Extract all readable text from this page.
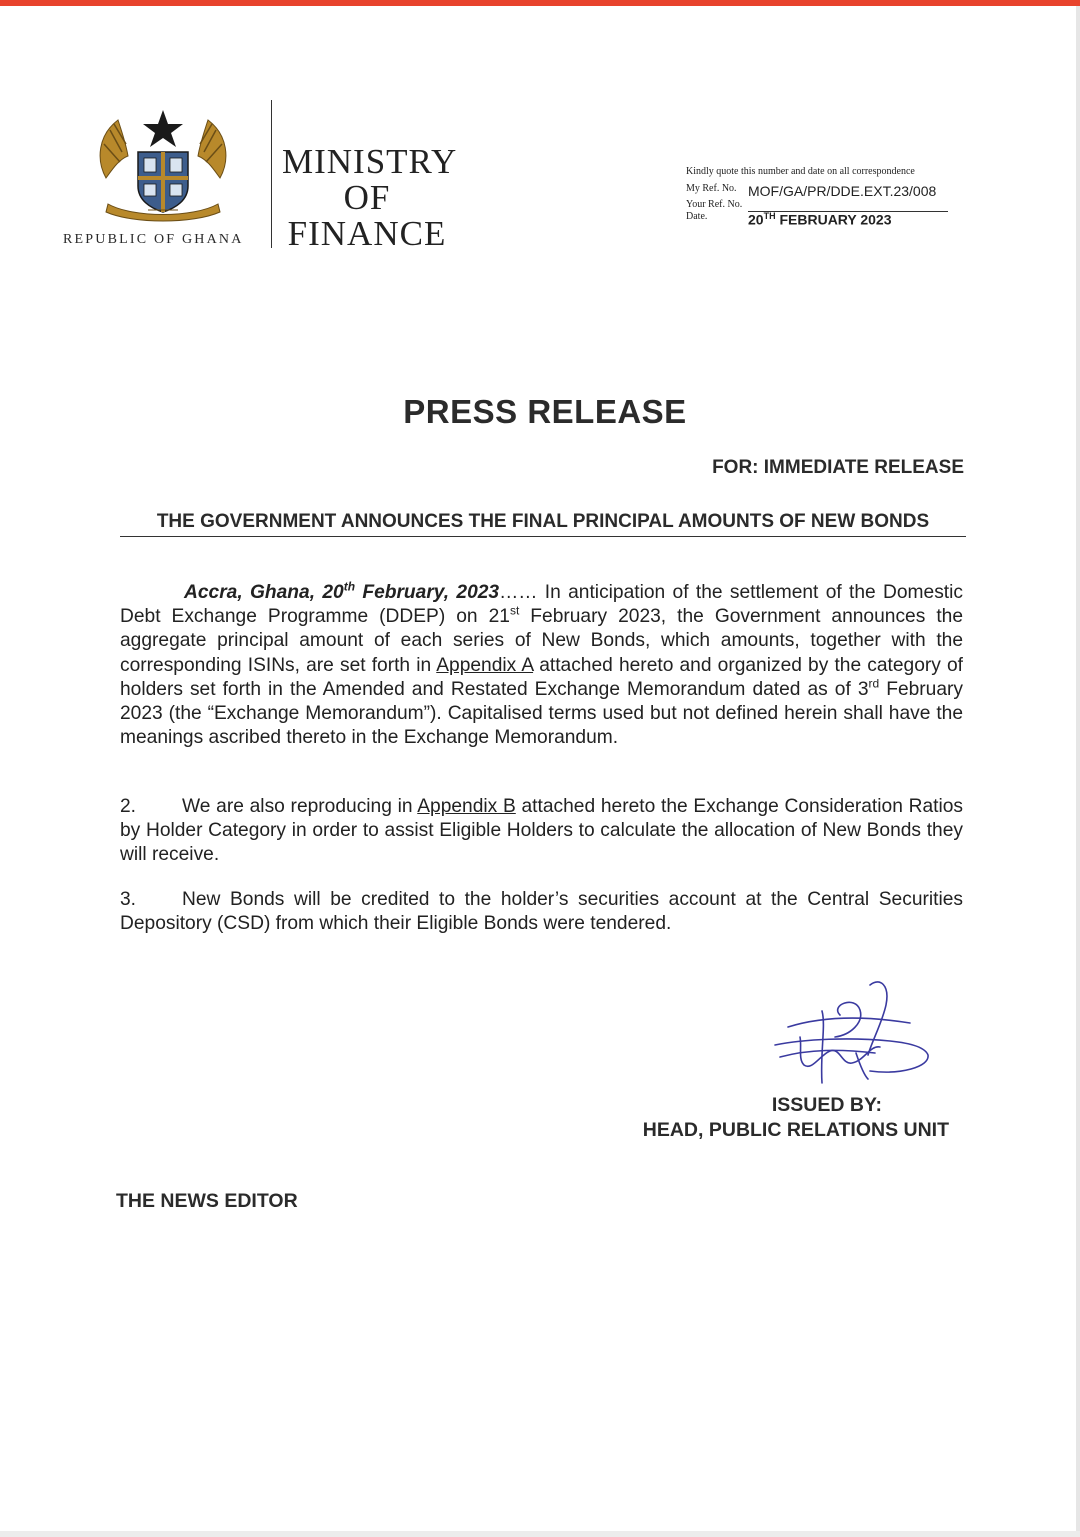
REPUBLIC OF GHANA
MINISTRY
OF
FINANCE
Kindly quote this number and date on all correspondence
My Ref. No. MOF/GA/PR/DDE.EXT.23/008
Your Ref. No.
Date.	20TH FEBRUARY 2023
PRESS RELEASE
FOR: IMMEDIATE RELEASE
THE GOVERNMENT ANNOUNCES THE FINAL PRINCIPAL AMOUNTS OF NEW BONDS
Accra, Ghana, 20th February, 2023…… In anticipation of the settlement of the Domestic Debt Exchange Programme (DDEP) on 21st February 2023, the Government announces the aggregate principal amount of each series of New Bonds, which amounts, together with the corresponding ISINs, are set forth in Appendix A attached hereto and organized by the category of holders set forth in the Amended and Restated Exchange Memorandum dated as of 3rd February 2023 (the “Exchange Memorandum”). Capitalised terms used but not defined herein shall have the meanings ascribed thereto in the Exchange Memorandum.
2. We are also reproducing in Appendix B attached hereto the Exchange Consideration Ratios by Holder Category in order to assist Eligible Holders to calculate the allocation of New Bonds they will receive.
3. New Bonds will be credited to the holder’s securities account at the Central Securities Depository (CSD) from which their Eligible Bonds were tendered.
ISSUED BY:
HEAD, PUBLIC RELATIONS UNIT
THE NEWS EDITOR
